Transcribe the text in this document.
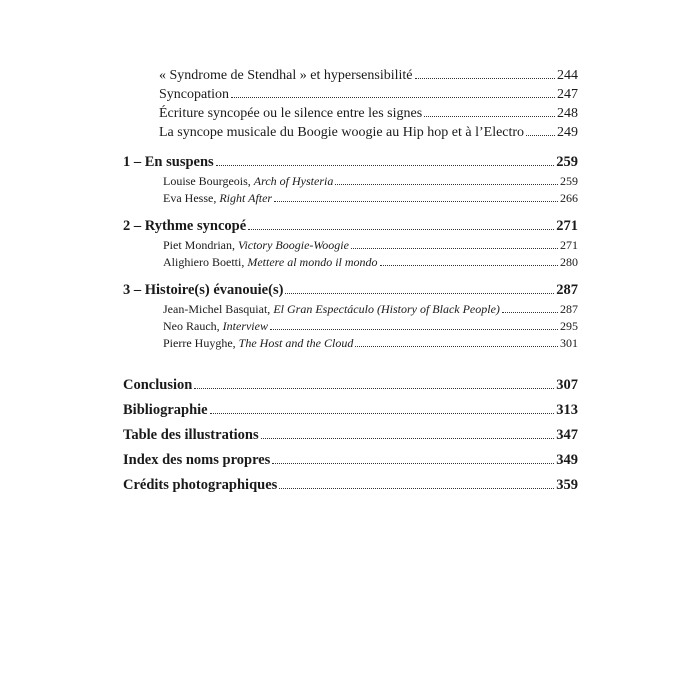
« Syndrome de Stendhal » et hypersensibilité	244
Syncopation	247
Écriture syncopée ou le silence entre les signes	248
La syncope musicale du Boogie woogie au Hip hop et à l’Electro 249
1 – En suspens	259
Louise Bourgeois, Arch of Hysteria	259
Eva Hesse, Right After	266
2 – Rythme syncopé	271
Piet Mondrian, Victory Boogie-Woogie	271
Alighiero Boetti, Mettere al mondo il mondo	280
3 – Histoire(s) évanouie(s)	287
Jean-Michel Basquiat, El Gran Espectáculo (History of Black People)	287
Neo Rauch, Interview	295
Pierre Huyghe, The Host and the Cloud	301
Conclusion	307
Bibliographie	313
Table des illustrations	347
Index des noms propres	349
Crédits photographiques	359
